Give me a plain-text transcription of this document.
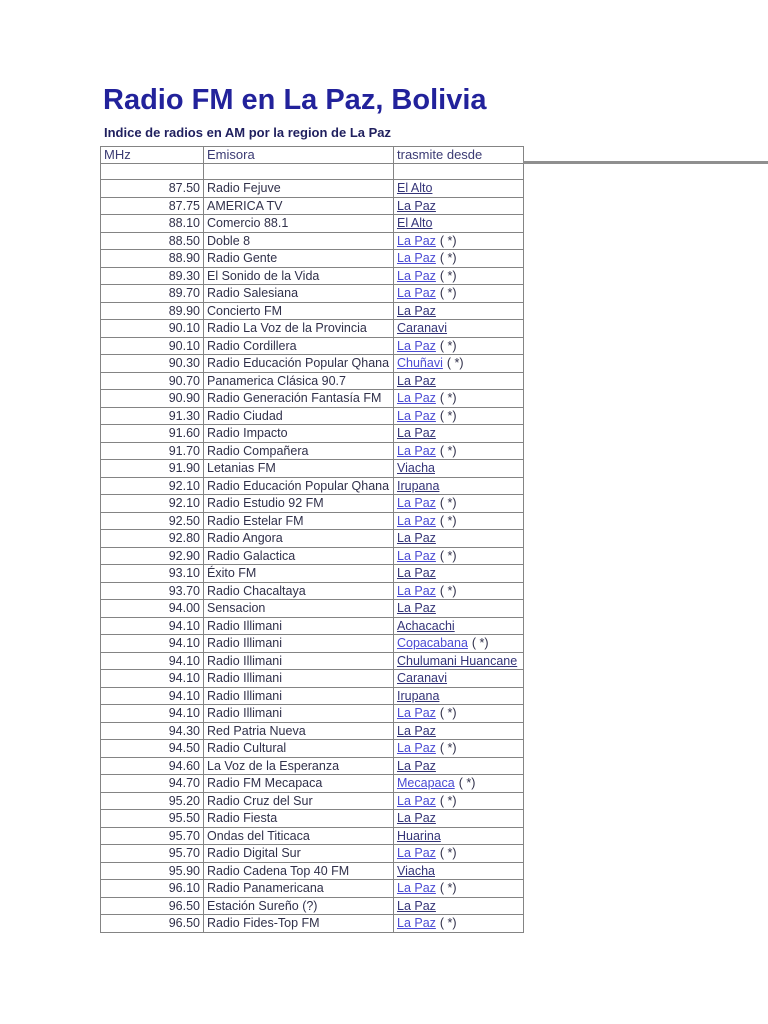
Radio FM en La Paz, Bolivia
Indice de radios en AM por la region de La Paz
MHz	Emisora	trasmite desde

87.50	Radio Fejuve	El Alto
87.75	AMERICA TV	La Paz
88.10	Comercio 88.1	El Alto
88.50	Doble 8	La Paz ( *)
88.90	Radio Gente	La Paz ( *)
89.30	El Sonido de la Vida	La Paz ( *)
89.70	Radio Salesiana	La Paz ( *)
89.90	Concierto FM	La Paz
90.10	Radio La Voz de la Provincia	Caranavi
90.10	Radio Cordillera	La Paz ( *)
90.30	Radio Educación Popular Qhana	Chuñavi ( *)
90.70	Panamerica Clásica 90.7	La Paz
90.90	Radio Generación Fantasía FM	La Paz ( *)
91.30	Radio Ciudad	La Paz ( *)
91.60	Radio Impacto	La Paz
91.70	Radio Compañera	La Paz ( *)
91.90	Letanias FM	Viacha
92.10	Radio Educación Popular Qhana	Irupana
92.10	Radio Estudio 92 FM	La Paz ( *)
92.50	Radio Estelar FM	La Paz ( *)
92.80	Radio Angora	La Paz
92.90	Radio Galactica	La Paz ( *)
93.10	Éxito FM	La Paz
93.70	Radio Chacaltaya	La Paz ( *)
94.00	Sensacion	La Paz
94.10	Radio Illimani	Achacachi
94.10	Radio Illimani	Copacabana ( *)
94.10	Radio Illimani	Chulumani Huancane
94.10	Radio Illimani	Caranavi
94.10	Radio Illimani	Irupana
94.10	Radio Illimani	La Paz ( *)
94.30	Red Patria Nueva	La Paz
94.50	Radio Cultural	La Paz ( *)
94.60	La Voz de la Esperanza	La Paz
94.70	Radio FM Mecapaca	Mecapaca ( *)
95.20	Radio Cruz del Sur	La Paz ( *)
95.50	Radio Fiesta	La Paz
95.70	Ondas del Titicaca	Huarina
95.70	Radio Digital Sur	La Paz ( *)
95.90	Radio Cadena Top 40 FM	Viacha
96.10	Radio Panamericana	La Paz ( *)
96.50	Estación Sureño (?)	La Paz
96.50	Radio Fides-Top FM	La Paz ( *)
